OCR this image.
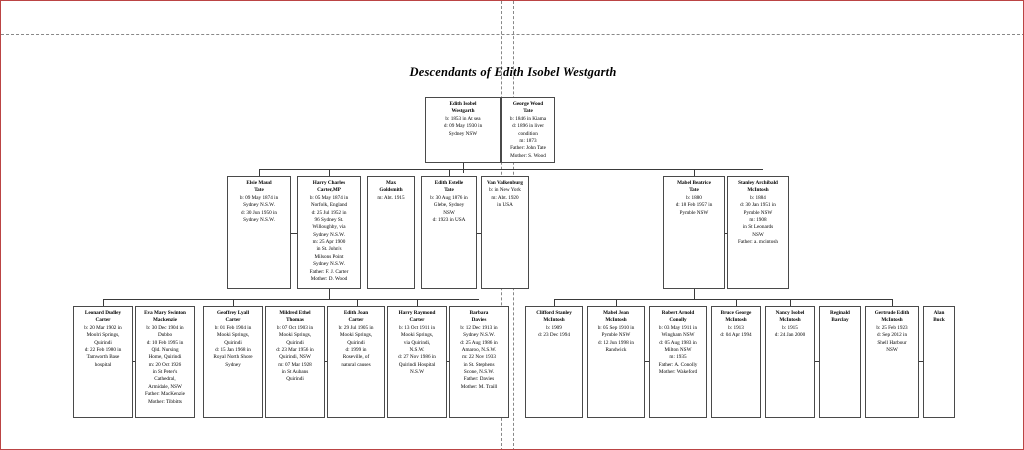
Descendants of Edith Isobel Westgarth
Edith Isobel
Westgarth
b: 1853 in At sea
d: 09 May 1930 in
Sydney NSW
George Wood
Tate
b: 1846 in Kiama
d: 1896 in liver
condition
m: 1873
Father: John Tate
Mother: S. Wood
Elsie Maud
Tate
b: 09 May 1874 in
Sydney N.S.W.
d: 30 Jun 1950 in
Sydney N.S.W.
Harry Charles
Carter,MP
b: 05 May 1874 in
Norfolk, England
d: 25 Jul 1952 in
96 Sydney St.
Willoughby, via
Sydney N.S.W.
m: 25 Apr 1900
in St. John's
Milsons Point
Sydney N.S.W.
Father: F. J. Carter
Mother: D. Wood
Max
Goldsmith
m: Abt. 1915
Edith Estelle
Tate
b: 30 Aug 1876 in
Glebe, Sydney
NSW
d: 1923 in USA
Van Valkenburg
b: in New York
m: Abt. 1920
in USA
Mabel Beatrice
Tate
b: 1880
d: 18 Feb 1957 in
Pymble NSW
Stanley Archibald
McIntosh
b: 1884
d: 30 Jan 1951 in
Pymble NSW
m: 1908
in St Leonards
NSW
Father: a. mcintosh
Leonard Dudley
Carter
b: 20 Mar 1902 in
Moolri Springs,
Quirindi
d: 22 Feb 1980 in
Tamworth Base
hospital
Eva Mary Swinton
Mackenzie
b: 30 Dec 1904 in
Dubbo
d: 10 Feb 1995 in
Qld. Nursing
Home, Quirindi
m: 20 Oct 1926
in St Peter's
Cathedral,
Armidale, NSW
Father: MacKenzie
Mother: Tibbitts
Geoffrey Lyall
Carter
b: 01 Feb 1904 in
Mooki Springs,
Quirindi
d: 15 Jan 1968 in
Royal North Shore
Sydney
Mildred Ethel
Thomas
b: 07 Oct 1903 in
Mooki Springs,
Quirindi
d: 23 Mar 1956 in
Quirindi, NSW
m: 07 Mar 1928
in St Aubans
Quirindi
Edith Joan
Carter
b: 29 Jul 1905 in
Mooki Springs,
Quirindi
d: 1999 in
Roseville, of
natural causes
Harry Raymond
Carter
b: 13 Oct 1911 in
Mooki Springs,
via Quirindi,
N.S.W.
d: 27 Nov 1986 in
Quirindi Hospital
N.S.W
Barbara
Davies
b: 12 Dec 1913 in
Sydney N.S.W.
d: 25 Aug 1986 in
Amaroo, N.S.W.
m: 22 Nov 1933
in St. Stephens
Scone, N.S.W.
Father: Davies
Mother: M. Traill
Clifford Stanley
McIntosh
b: 1909
d: 23 Dec 1994
Mabel Jean
McIntosh
b: 05 Sep 1910 in
Pymble NSW
d: 12 Jun 1998 in
Randwick
Robert Arnold
Conolly
b: 03 May 1911 in
Wingham NSW
d: 05 Aug 1983 in
Milton NSW
m: 1935
Father: A. Conolly
Mother: Wakeford
Bruce George
McIntosh
b: 1913
d: 04 Apr 1994
Nancy Isobel
McIntosh
b: 1915
d: 24 Jan 2000
Reginald
Barclay
Gertrude Edith
McIntosh
b: 25 Feb 1923
d: Sep 2012 in
Shell Harbour
NSW
Alan
Buck
